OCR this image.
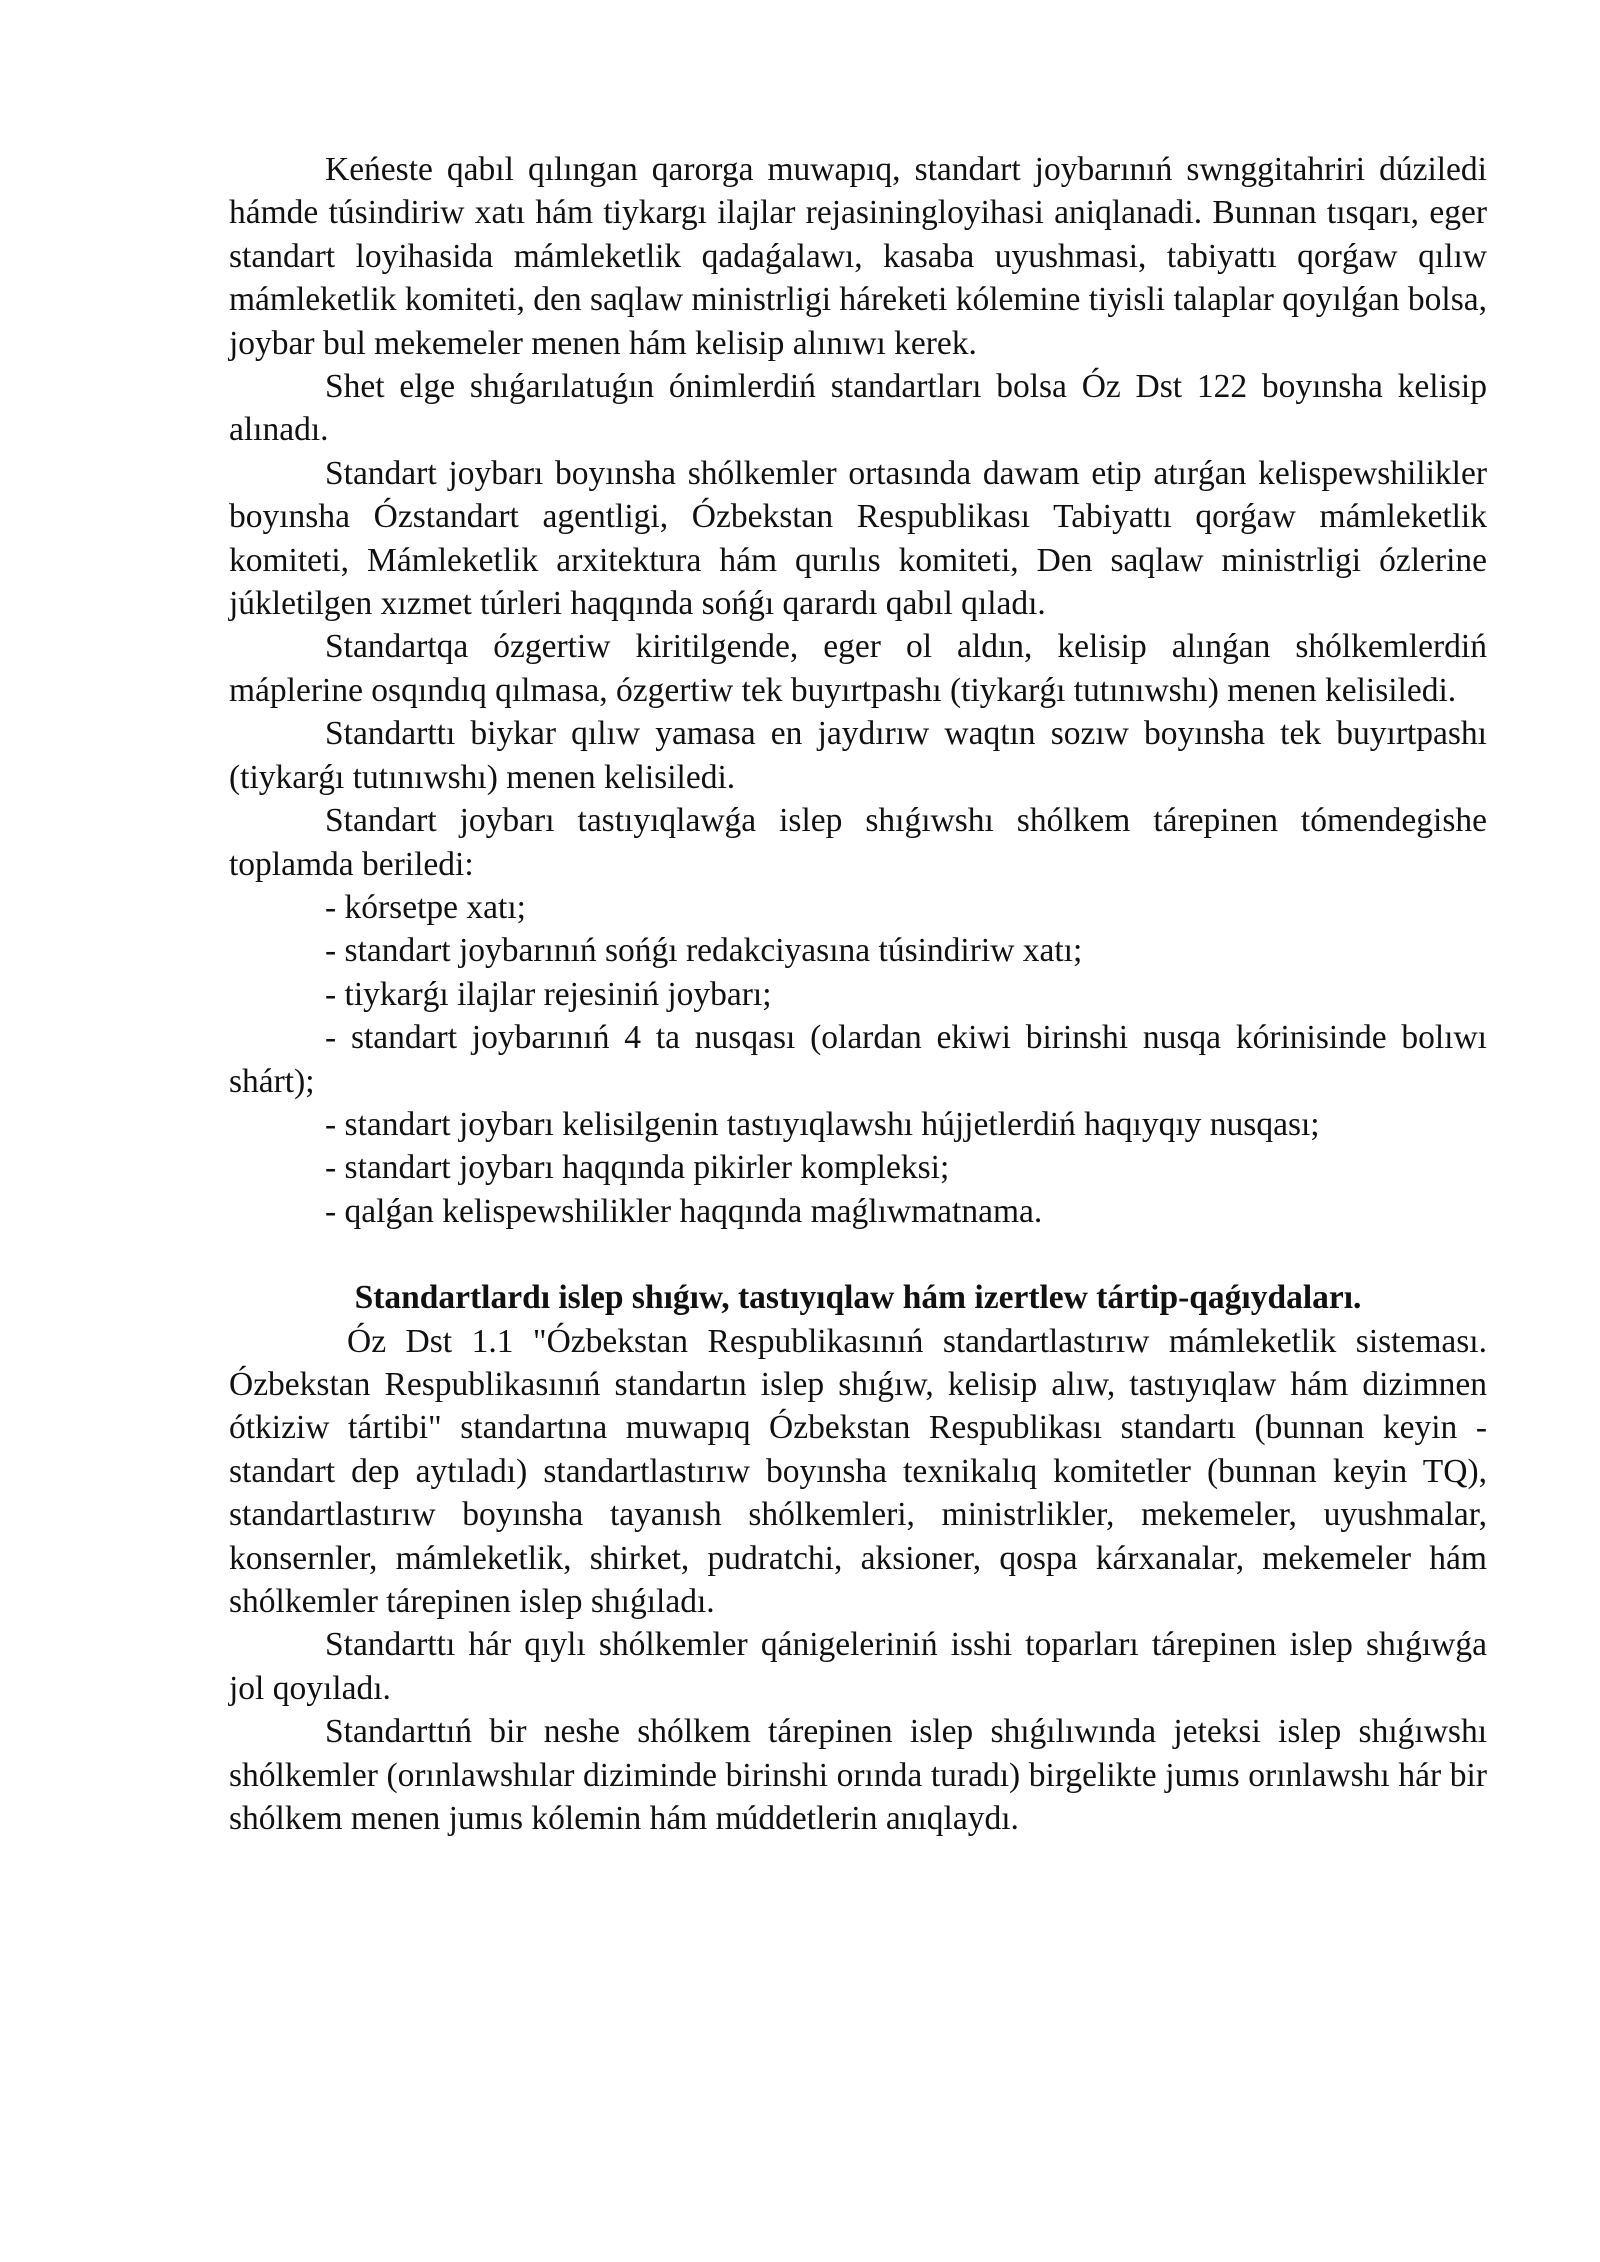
Keńeste qabıl qılıngan qarorga muwapıq, standart joybarınıń swnggitahriri dúziledi hámde túsindiriw xatı hám tiykargı ilajlar rejasiningloyihasi aniqlanadi. Bunnan tısqarı, eger standart loyihasida mámleketlik qadaǵalawı, kasaba uyushmasi, tabiyattı qorǵaw qılıw mámleketlik komiteti, den saqlaw ministrligi háreketi kólemine tiyisli talaplar qoyılǵan bolsa, joybar bul mekemeler menen hám kelisip alınıwı kerek.

Shet elge shıǵarılatuǵın ónimlerdiń standartları bolsa Óz Dst 122 boyınsha kelisip alınadı.

Standart joybarı boyınsha shólkemler ortasında dawam etip atırǵan kelispewshilikler boyınsha Ózstandart agentligi, Ózbekstan Respublikası Tabiyattı qorǵaw mámleketlik komiteti, Mámleketlik arxitektura hám qurılıs komiteti, Den saqlaw ministrligi ózlerine júkletilgen xızmet túrleri haqqında sońǵı qarardı qabıl qıladı.

Standartqa ózgertiw kiritilgende, eger ol aldın, kelisip alınǵan shólkemlerdiń máplerine osqındıq qılmasa, ózgertiw tek buyırtpashı (tiykarǵı tutınıwshı) menen kelisiledi.

Standarttı biykar qılıw yamasa en jaydırıw waqtın sozıw boyınsha tek buyırtpashı (tiykarǵı tutınıwshı) menen kelisiledi.

Standart joybarı tastıyıqlawǵa islep shıǵıwshı shólkem tárepinen tómendegishe toplamda beriledi:

- kórsetpe xatı;

- standart joybarınıń sońǵı redakciyasına túsindiriw xatı;

- tiykarǵı ilajlar rejesiniń joybarı;

- standart joybarınıń 4 ta nusqası (olardan ekiwi birinshi nusqa kórinisinde bolıwı shárt);

- standart joybarı kelisilgenin tastıyıqlawshı hújjetlerdiń haqıyqıy nusqası;

- standart joybarı haqqında pikirler kompleksi;

- qalǵan kelispewshilikler haqqında maǵlıwmatnama.

Standartlardı islep shıǵıw, tastıyıqlaw hám izertlew tártip-qaǵıydaları.

Óz Dst 1.1 "Ózbekstan Respublikasınıń standartlastırıw mámleketlik sisteması. Ózbekstan Respublikasınıń standartın islep shıǵıw, kelisip alıw, tastıyıqlaw hám dizimnen ótkiziw tártibi" standartına muwapıq Ózbekstan Respublikası standartı (bunnan keyin - standart dep aytıladı) standartlastırıw boyınsha texnikalıq komitetler (bunnan keyin TQ), standartlastırıw boyınsha tayanısh shólkemleri, ministrlikler, mekemeler, uyushmalar, konsernler, mámleketlik, shirket, pudratchi, aksioner, qospa kárxanalar, mekemeler hám shólkemler tárepinen islep shıǵıladı.

Standarttı hár qıylı shólkemler qánigeleriniń isshi toparları tárepinen islep shıǵıwǵa jol qoyıladı.

Standarttıń bir neshe shólkem tárepinen islep shıǵılıwında jeteksi islep shıǵıwshı shólkemler (orınlawshılar diziminde birinshi orında turadı) birgelikte jumıs orınlawshı hár bir shólkem menen jumıs kólemin hám múddetlerin anıqlaydı.
